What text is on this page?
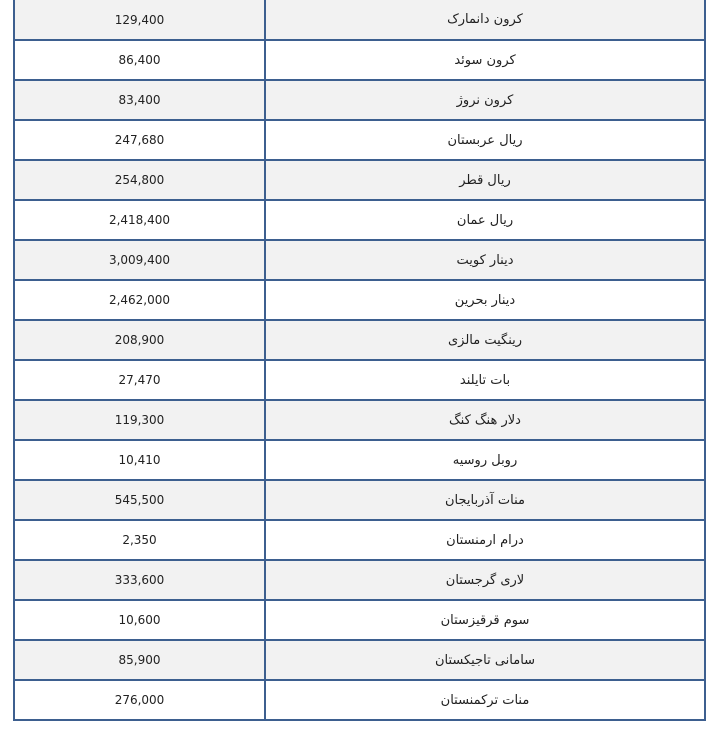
129,400	کرون دانمارک
86,400	کرون سوئد
83,400	کرون نروژ
247,680	ریال عربستان
254,800	ریال قطر
2,418,400	ریال عمان
3,009,400	دینار کویت
2,462,000	دینار بحرین
208,900	رینگیت مالزی
27,470	بات تایلند
119,300	دلار هنگ کنگ
10,410	روبل روسیه
545,500	منات آذربایجان
2,350	درام ارمنستان
333,600	لاری گرجستان
10,600	سوم قرقیزستان
85,900	سامانی تاجیکستان
276,000	منات ترکمنستان
